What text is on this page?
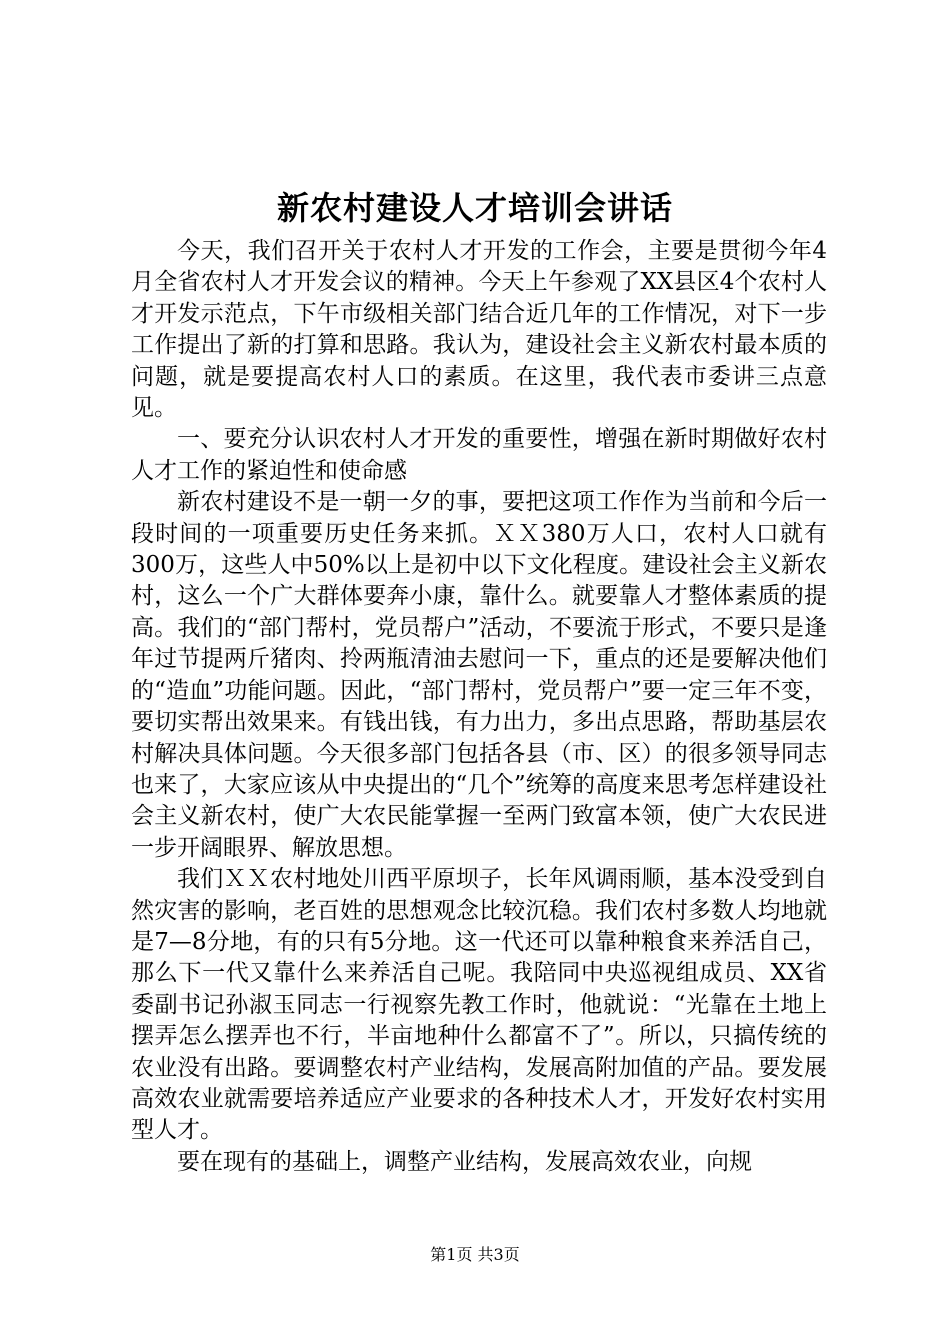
新农村建设人才培训会讲话

今天，我们召开关于农村人才开发的工作会，主要是贯彻今年4月全省农村人才开发会议的精神。今天上午参观了XX县区4个农村人才开发示范点，下午市级相关部门结合近几年的工作情况，对下一步工作提出了新的打算和思路。我认为，建设社会主义新农村最本质的问题，就是要提高农村人口的素质。在这里，我代表市委讲三点意见。

一、要充分认识农村人才开发的重要性，增强在新时期做好农村人才工作的紧迫性和使命感

新农村建设不是一朝一夕的事，要把这项工作作为当前和今后一段时间的一项重要历史任务来抓。ＸＸ380万人口，农村人口就有300万，这些人中50%以上是初中以下文化程度。建设社会主义新农村，这么一个广大群体要奔小康，靠什么。就要靠人才整体素质的提高。我们的“部门帮村，党员帮户”活动，不要流于形式，不要只是逢年过节提两斤猪肉、拎两瓶清油去慰问一下，重点的还是要解决他们的“造血”功能问题。因此，“部门帮村，党员帮户”要一定三年不变，要切实帮出效果来。有钱出钱，有力出力，多出点思路，帮助基层农村解决具体问题。今天很多部门包括各县（市、区）的很多领导同志也来了，大家应该从中央提出的“几个”统筹的高度来思考怎样建设社会主义新农村，使广大农民能掌握一至两门致富本领，使广大农民进一步开阔眼界、解放思想。

我们ＸＸ农村地处川西平原坝子，长年风调雨顺，基本没受到自然灾害的影响，老百姓的思想观念比较沉稳。我们农村多数人均地就是7—8分地，有的只有5分地。这一代还可以靠种粮食来养活自己，那么下一代又靠什么来养活自己呢。我陪同中央巡视组成员、XX省委副书记孙淑玉同志一行视察先教工作时，他就说：“光靠在土地上摆弄怎么摆弄也不行，半亩地种什么都富不了”。所以，只搞传统的农业没有出路。要调整农村产业结构，发展高附加值的产品。要发展高效农业就需要培养适应产业要求的各种技术人才，开发好农村实用型人才。

要在现有的基础上，调整产业结构，发展高效农业，向规

第1页 共3页
